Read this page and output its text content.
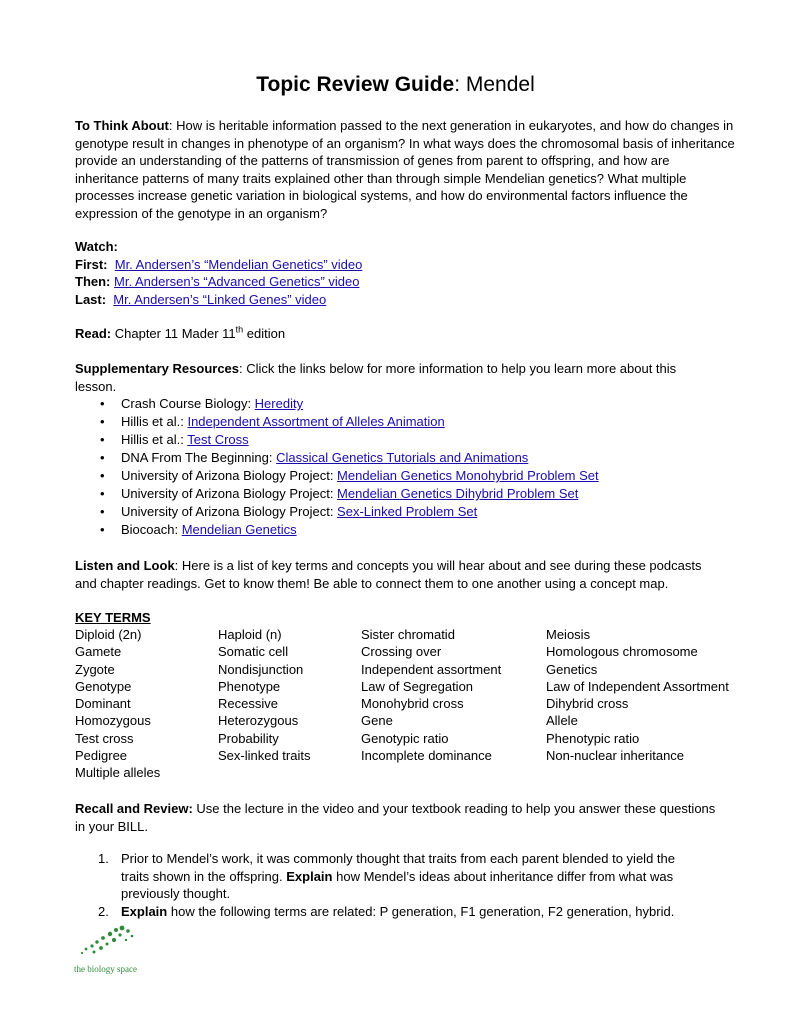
Topic Review Guide: Mendel
To Think About: How is heritable information passed to the next generation in eukaryotes, and how do changes in genotype result in changes in phenotype of an organism? In what ways does the chromosomal basis of inheritance provide an understanding of the patterns of transmission of genes from parent to offspring, and how are inheritance patterns of many traits explained other than through simple Mendelian genetics? What multiple processes increase genetic variation in biological systems, and how do environmental factors influence the expression of the genotype in an organism?
Watch:
First: Mr. Andersen’s “Mendelian Genetics” video
Then: Mr. Andersen’s “Advanced Genetics” video
Last: Mr. Andersen’s “Linked Genes” video
Read: Chapter 11 Mader 11th edition
Supplementary Resources: Click the links below for more information to help you learn more about this lesson.
• Crash Course Biology: Heredity
• Hillis et al.: Independent Assortment of Alleles Animation
• Hillis et al.: Test Cross
• DNA From The Beginning: Classical Genetics Tutorials and Animations
• University of Arizona Biology Project: Mendelian Genetics Monohybrid Problem Set
• University of Arizona Biology Project: Mendelian Genetics Dihybrid Problem Set
• University of Arizona Biology Project: Sex-Linked Problem Set
• Biocoach: Mendelian Genetics
Listen and Look: Here is a list of key terms and concepts you will hear about and see during these podcasts and chapter readings. Get to know them! Be able to connect them to one another using a concept map.
KEY TERMS
Diploid (2n)	Haploid (n)	Sister chromatid	Meiosis
Gamete	Somatic cell	Crossing over	Homologous chromosome
Zygote	Nondisjunction	Independent assortment	Genetics
Genotype	Phenotype	Law of Segregation	Law of Independent Assortment
Dominant	Recessive	Monohybrid cross	Dihybrid cross
Homozygous	Heterozygous	Gene	Allele
Test cross	Probability	Genotypic ratio	Phenotypic ratio
Pedigree	Sex-linked traits	Incomplete dominance	Non-nuclear inheritance
Multiple alleles
Recall and Review: Use the lecture in the video and your textbook reading to help you answer these questions in your BILL.
1. Prior to Mendel’s work, it was commonly thought that traits from each parent blended to yield the traits shown in the offspring. Explain how Mendel’s ideas about inheritance differ from what was previously thought.
2. Explain how the following terms are related: P generation, F1 generation, F2 generation, hybrid.
the biology space
